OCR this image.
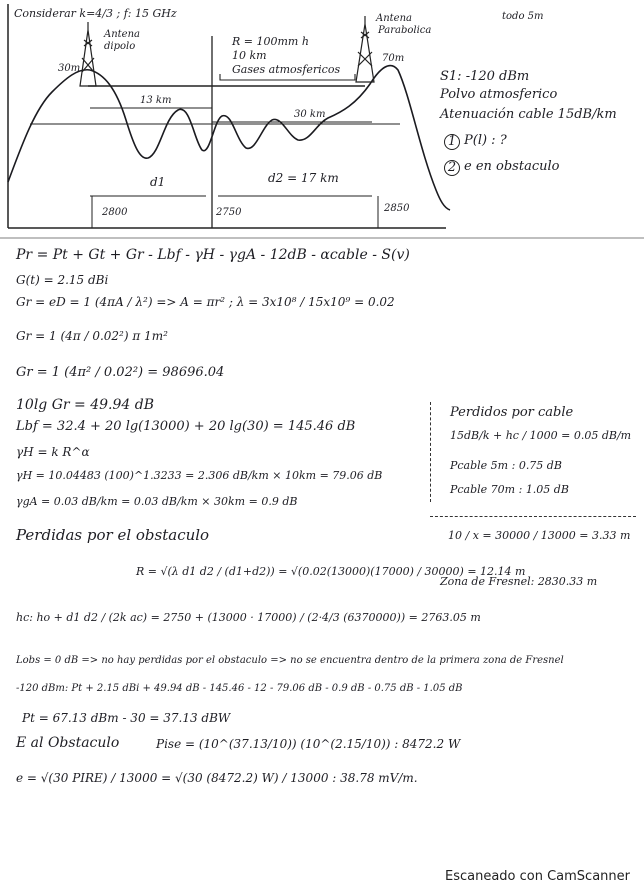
Considerar k=4/3 ; f: 15 GHz	todo 5m
Antena
dipolo
30m
Antena
Parabolica
70m
R = 100mm h
10 km
Gases atmosfericos
13 km
30 km
d1	d2 = 17 km
2800	2750	2850
S1: -120 dBm
Polvo atmosferico
Atenuación cable 15dB/km
1 P(l) : ?
2 e en obstaculo
Pr = Pt + Gt + Gr - Lbf - γH - γgA - 12dB - αcable - S(v)
G(t) = 2.15 dBi
Gr = eD = 1 (4πA / λ²) => A = πr² ; λ = 3x10⁸ / 15x10⁹ = 0.02
Gr = 1 (4π / 0.02²) π 1m²
Gr = 1 (4π² / 0.02²) = 98696.04
10lg Gr = 49.94 dB
Lbf = 32.4 + 20 lg(13000) + 20 lg(30) = 145.46 dB
γH = k R^α
γH = 10.04483 (100)^1.3233 = 2.306 dB/km × 10km = 79.06 dB
γgA = 0.03 dB/km = 0.03 dB/km × 30km = 0.9 dB
Perdidos por cable
15dB/k + hc / 1000 = 0.05 dB/m
Pcable 5m : 0.75 dB
Pcable 70m : 1.05 dB
Perdidas por el obstaculo	10 / x = 30000 / 13000 = 3.33 m
R = √(λ d1 d2 / (d1+d2)) = √(0.02(13000)(17000) / 30000) = 12.14 m
Zona de Fresnel: 2830.33 m
hc: ho + d1 d2 / (2k ac) = 2750 + (13000 · 17000) / (2·4/3 (6370000)) = 2763.05 m
Lobs = 0 dB => no hay perdidas por el obstaculo => no se encuentra dentro de la primera zona de Fresnel
-120 dBm: Pt + 2.15 dBi + 49.94 dB - 145.46 - 12 - 79.06 dB - 0.9 dB - 0.75 dB - 1.05 dB
Pt = 67.13 dBm - 30 = 37.13 dBW
E al Obstaculo	Pise = (10^(37.13/10)) (10^(2.15/10)) : 8472.2 W
e = √(30 PIRE) / 13000 = √(30 (8472.2) W) / 13000 : 38.78 mV/m.
Escaneado con CamScanner
